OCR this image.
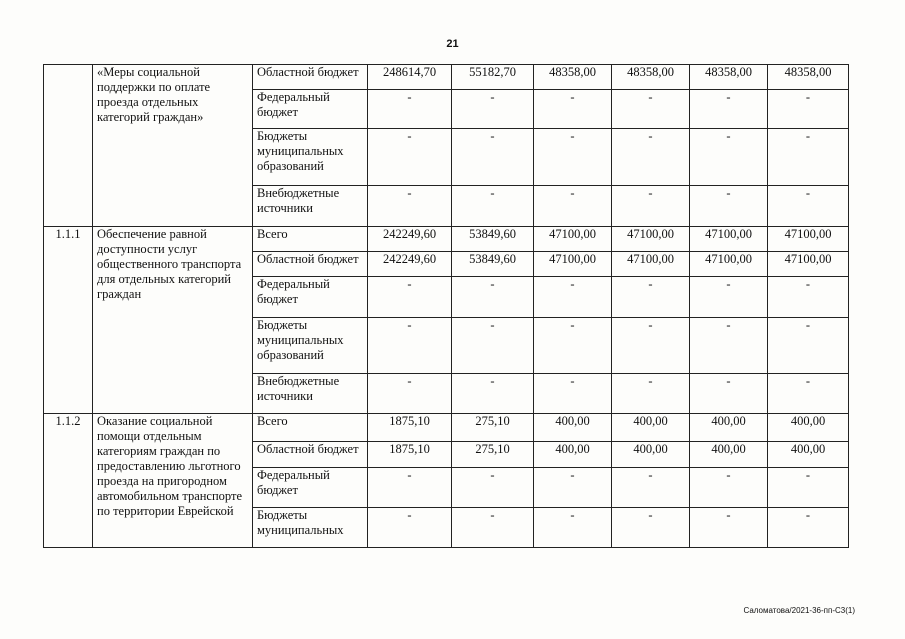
21
	«Меры социальной поддержки по оплате проезда отдельных категорий граждан»	Областной бюджет	248614,70	55182,70	48358,00	48358,00	48358,00	48358,00
		Федеральный бюджет	-	-	-	-	-	-
		Бюджеты муниципальных образований	-	-	-	-	-	-
		Внебюджетные источники	-	-	-	-	-	-
1.1.1	Обеспечение равной доступности услуг общественного транспорта для отдельных категорий граждан	Всего	242249,60	53849,60	47100,00	47100,00	47100,00	47100,00
		Областной бюджет	242249,60	53849,60	47100,00	47100,00	47100,00	47100,00
		Федеральный бюджет	-	-	-	-	-	-
		Бюджеты муниципальных образований	-	-	-	-	-	-
		Внебюджетные источники	-	-	-	-	-	-
1.1.2	Оказание социальной помощи отдельным категориям граждан по предоставлению льготного проезда на пригородном автомобильном транспорте по территории Еврейской	Всего	1875,10	275,10	400,00	400,00	400,00	400,00
		Областной бюджет	1875,10	275,10	400,00	400,00	400,00	400,00
		Федеральный бюджет	-	-	-	-	-	-
		Бюджеты муниципальных	-	-	-	-	-	-
Саломатова/2021-36-пп-С3(1)
